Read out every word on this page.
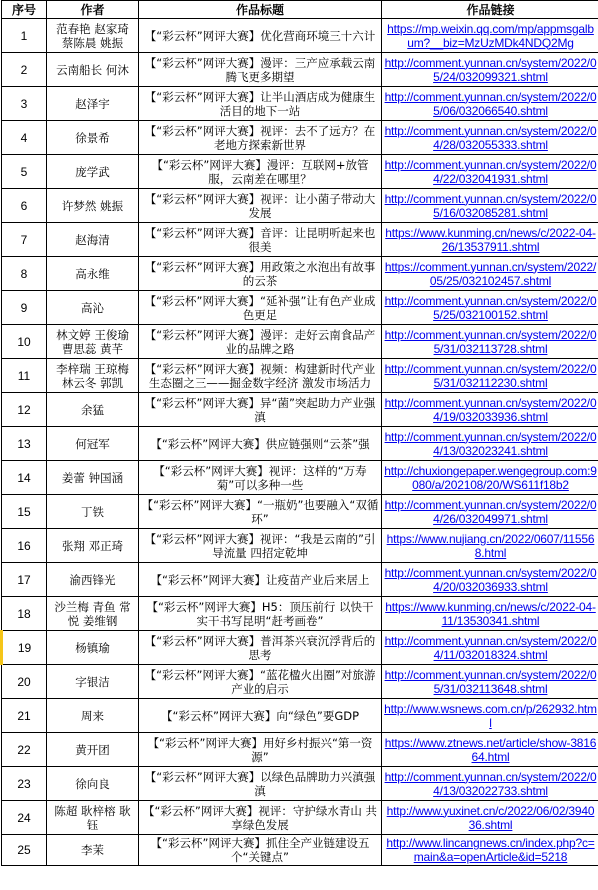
序号	作者	作品标题	作品链接
1	范春艳 赵家琦 蔡陈晨 姚振	【“彩云杯”网评大赛】优化营商环境三十六计	https://mp.weixin.qq.com/mp/appmsgalbum?__biz=MzUzMDk4NDQ2Mg
2	云南船长 何沐	【“彩云杯”网评大赛】漫评：三产应承载云南腾飞更多期望	http://comment.yunnan.cn/system/2022/05/24/032099321.shtml
3	赵泽宇	【“彩云杯”网评大赛】让半山酒店成为健康生活目的地下一站	http://comment.yunnan.cn/system/2022/05/06/032066540.shtml
4	徐景希	【“彩云杯”网评大赛】视评：去不了远方？在老地方探索新世界	http://comment.yunnan.cn/system/2022/04/28/032055333.shtml
5	庞学武	【“彩云杯”网评大赛】漫评：互联网+放管服，云南差在哪里？	http://comment.yunnan.cn/system/2022/04/22/032041931.shtml
6	许梦然 姚振	【“彩云杯”网评大赛】视评：让小菌子带动大发展	http://comment.yunnan.cn/system/2022/05/16/032085281.shtml
7	赵海清	【“彩云杯”网评大赛】音评：让昆明听起来也很美	https://www.kunming.cn/news/c/2022-04-26/13537911.shtml
8	高永维	【“彩云杯”网评大赛】用政策之水泡出有故事的云茶	https://comment.yunnan.cn/system/2022/05/25/032102457.shtml
9	高沁	【“彩云杯”网评大赛】“延补强”让有色产业成色更足	http://comment.yunnan.cn/system/2022/05/25/032100152.shtml
10	林文婷 王俊瑜 曹思蕊 黄芊	【“彩云杯”网评大赛】漫评：走好云南食品产业的品牌之路	http://comment.yunnan.cn/system/2022/05/31/032113728.shtml
11	李梓瑞 王琼梅 林云冬 郭凯	【“彩云杯”网评大赛】视频：构建新时代产业生态圈之三——掘金数字经济 激发市场活力	http://comment.yunnan.cn/system/2022/05/31/032112230.shtml
12	余猛	【“彩云杯”网评大赛】异“菌”突起助力产业强滇	http://comment.yunnan.cn/system/2022/04/19/032033936.shtml
13	何冠军	【“彩云杯”网评大赛】供应链强则“云茶”强	http://comment.yunnan.cn/system/2022/04/13/032023241.shtml
14	姜蕾 钟国涵	【“彩云杯”网评大赛】视评：这样的“万寿菊”可以多种一些	http://chuxiongepaper.wengegroup.com:9080/a/202108/20/WS611f18b2
15	丁铁	【“彩云杯”网评大赛】“一瓶奶”也要融入“双循环”	http://comment.yunnan.cn/system/2022/04/26/032049971.shtml
16	张翔 邓正琦	【“彩云杯”网评大赛】视评：“我是云南的”引导流量 四招定乾坤	https://www.nujiang.cn/2022/0607/115568.html
17	渝西锋光	【“彩云杯”网评大赛】让疫苗产业后来居上	http://comment.yunnan.cn/system/2022/04/20/032036933.shtml
18	沙兰梅 青鱼 常悦 姜维钢	【“彩云杯”网评大赛】H5：顶压前行 以快干实干书写昆明“赶考画卷”	https://www.kunming.cn/news/c/2022-04-11/13530341.shtml
19	杨镇瑜	【“彩云杯”网评大赛】普洱茶兴衰沉浮背后的思考	http://comment.yunnan.cn/system/2022/04/11/032018324.shtml
20	字银洁	【“彩云杯”网评大赛】“蓝花楹火出圈”对旅游产业的启示	http://comment.yunnan.cn/system/2022/05/31/032113648.shtml
21	周来	【“彩云杯”网评大赛】向“绿色”要GDP	http://www.wsnews.com.cn/p/262932.html
22	黄开团	【“彩云杯”网评大赛】用好乡村振兴“第一资源”	https://www.ztnews.net/article/show-381664.html
23	徐向良	【“彩云杯”网评大赛】以绿色品牌助力兴滇强滇	http://comment.yunnan.cn/system/2022/04/13/032022733.shtml
24	陈超 耿梓榕 耿钰	【“彩云杯”网评大赛】视评：守护绿水青山 共享绿色发展	http://www.yuxinet.cn/c/2022/06/02/394036.shtml
25	李茉	【“彩云杯”网评大赛】抓住全产业链建设五个“关键点”	http://www.lincangnews.cn/index.php?c=main&a=openArticle&id=5218
